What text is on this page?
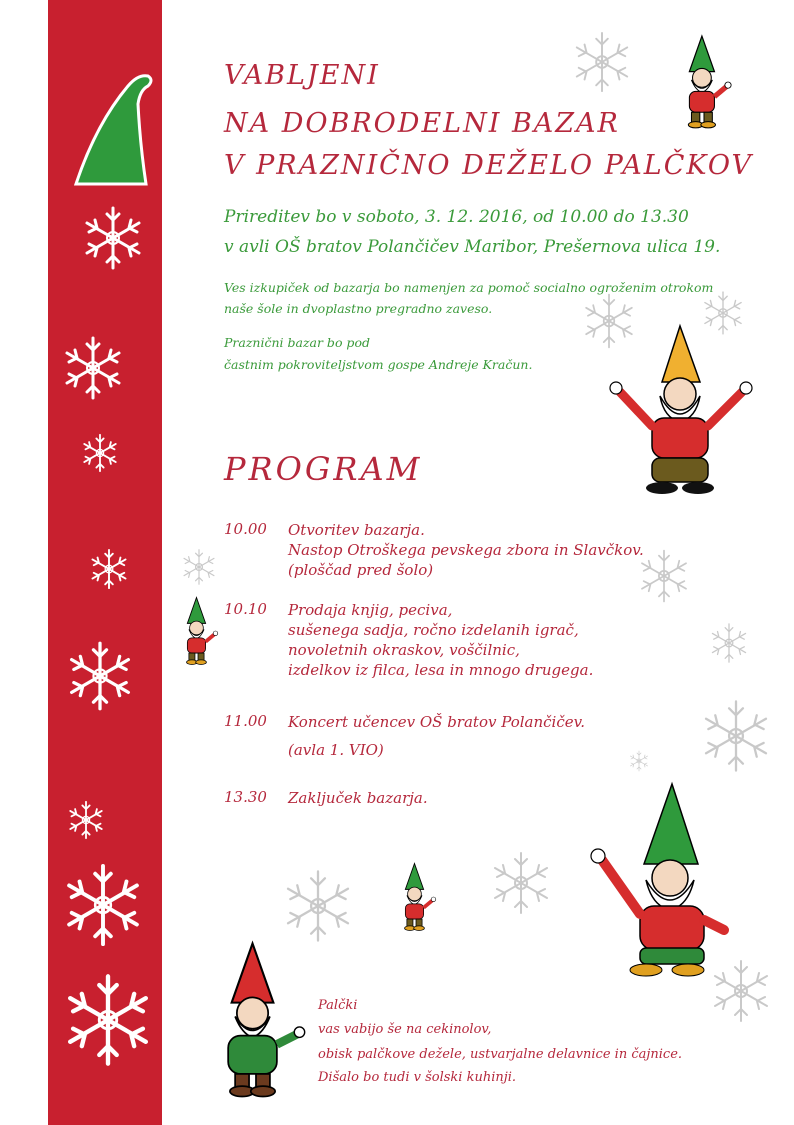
VABLJENI
NA DOBRODELNI BAZAR
V PRAZNIČNO DEŽELO PALČKOV
Prireditev bo v soboto, 3. 12. 2016, od 10.00 do 13.30
v avli OŠ bratov Polančičev Maribor, Prešernova ulica 19.
Ves izkupiček od bazarja bo namenjen za pomoč socialno ogroženim otrokom
naše šole in dvoplastno pregradno zaveso.
Praznični bazar bo pod
častnim pokroviteljstvom gospe Andreje Kračun.
PROGRAM
10.00 Otvoritev bazarja.
Nastop Otroškega pevskega zbora in Slavčkov.
(ploščad pred šolo)
10.10 Prodaja knjig, peciva,
sušenega sadja, ročno izdelanih igrač,
novoletnih okraskov, voščilnic,
izdelkov iz filca, lesa in mnogo drugega.
11.00 Koncert učencev OŠ bratov Polančičev.
(avla 1. VIO)
13.30 Zaključek bazarja.
Palčki
vas vabijo še na cekinolov,
obisk palčkove dežele, ustvarjalne delavnice in čajnice.
Dišalo bo tudi v šolski kuhinji.
